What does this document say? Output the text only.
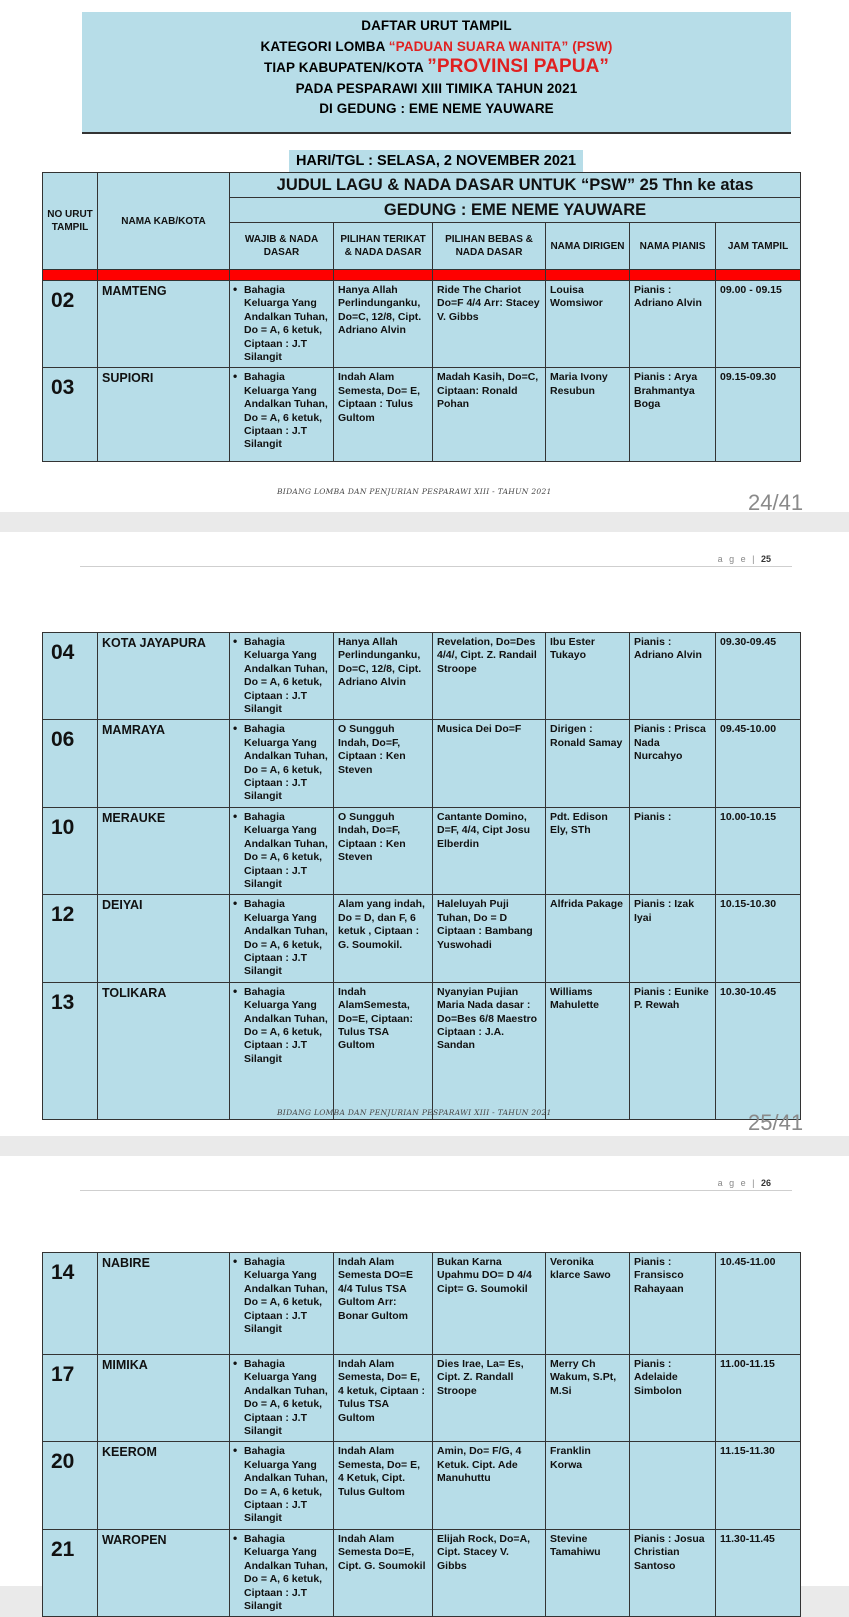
DAFTAR URUT TAMPIL
KATEGORI LOMBA “PADUAN SUARA WANITA” (PSW)
TIAP KABUPATEN/KOTA ”PROVINSI PAPUA”
PADA PESPARAWI XIII TIMIKA TAHUN 2021
DI GEDUNG : EME NEME YAUWARE
HARI/TGL : SELASA, 2 NOVEMBER 2021
NO URUT TAMPIL	NAMA KAB/KOTA	JUDUL LAGU & NADA DASAR UNTUK “PSW” 25 Thn ke atas					
		GEDUNG : EME NEME YAUWARE					
		WAJIB & NADA DASAR	PILIHAN TERIKAT & NADA DASAR	PILIHAN BEBAS & NADA DASAR	NAMA DIRIGEN	NAMA PIANIS	JAM TAMPIL

02	MAMTENG	• Bahagia Keluarga Yang Andalkan Tuhan, Do = A, 6 ketuk, Ciptaan : J.T Silangit	Hanya Allah Perlindunganku, Do=C, 12/8, Cipt. Adriano Alvin	Ride The Chariot Do=F 4/4 Arr: Stacey V. Gibbs	Louisa Womsiwor	Pianis : Adriano Alvin	09.00 - 09.15
03	SUPIORI	• Bahagia Keluarga Yang Andalkan Tuhan, Do = A, 6 ketuk, Ciptaan : J.T Silangit	Indah Alam Semesta, Do= E, Ciptaan : Tulus Gultom	Madah Kasih, Do=C, Ciptaan: Ronald Pohan	Maria Ivony Resubun	Pianis : Arya Brahmantya Boga	09.15-09.30
BIDANG LOMBA DAN PENJURIAN PESPARAWI XIII - TAHUN 2021	24/41
a g e | 25
04	KOTA JAYAPURA	• Bahagia Keluarga Yang Andalkan Tuhan, Do = A, 6 ketuk, Ciptaan : J.T Silangit	Hanya Allah Perlindunganku, Do=C, 12/8, Cipt. Adriano Alvin	Revelation, Do=Des 4/4/, Cipt. Z. Randail Stroope	Ibu Ester Tukayo	Pianis : Adriano Alvin	09.30-09.45
06	MAMRAYA	• Bahagia Keluarga Yang Andalkan Tuhan, Do = A, 6 ketuk, Ciptaan : J.T Silangit	O Sungguh Indah, Do=F, Ciptaan : Ken Steven	Musica Dei Do=F	Dirigen : Ronald Samay	Pianis : Prisca Nada Nurcahyo	09.45-10.00
10	MERAUKE	• Bahagia Keluarga Yang Andalkan Tuhan, Do = A, 6 ketuk, Ciptaan : J.T Silangit	O Sungguh Indah, Do=F, Ciptaan : Ken Steven	Cantante Domino, D=F, 4/4, Cipt Josu Elberdin	Pdt. Edison Ely, STh	Pianis :	10.00-10.15
12	DEIYAI	• Bahagia Keluarga Yang Andalkan Tuhan, Do = A, 6 ketuk, Ciptaan : J.T Silangit	Alam yang indah, Do = D, dan F, 6 ketuk , Ciptaan : G. Soumokil.	Haleluyah Puji Tuhan, Do = D Ciptaan : Bambang Yuswohadi	Alfrida Pakage	Pianis : Izak Iyai	10.15-10.30
13	TOLIKARA	• Bahagia Keluarga Yang Andalkan Tuhan, Do = A, 6 ketuk, Ciptaan : J.T Silangit	Indah AlamSemesta, Do=E, Ciptaan: Tulus TSA Gultom	Nyanyian Pujian Maria Nada dasar : Do=Bes 6/8 Maestro Ciptaan : J.A. Sandan	Williams Mahulette	Pianis : Eunike P. Rewah	10.30-10.45
BIDANG LOMBA DAN PENJURIAN PESPARAWI XIII - TAHUN 2021	25/41
a g e | 26
14	NABIRE	• Bahagia Keluarga Yang Andalkan Tuhan, Do = A, 6 ketuk, Ciptaan : J.T Silangit	Indah Alam Semesta DO=E 4/4 Tulus TSA Gultom Arr: Bonar Gultom	Bukan Karna Upahmu DO= D 4/4 Cipt= G. Soumokil	Veronika klarce Sawo	Pianis : Fransisco Rahayaan	10.45-11.00
17	MIMIKA	• Bahagia Keluarga Yang Andalkan Tuhan, Do = A, 6 ketuk, Ciptaan : J.T Silangit	Indah Alam Semesta, Do= E, 4 ketuk, Ciptaan : Tulus TSA Gultom	Dies Irae, La= Es, Cipt. Z. Randall Stroope	Merry Ch Wakum, S.Pt, M.Si	Pianis : Adelaide Simbolon	11.00-11.15
20	KEEROM	• Bahagia Keluarga Yang Andalkan Tuhan, Do = A, 6 ketuk, Ciptaan : J.T Silangit	Indah Alam Semesta, Do= E, 4 Ketuk, Cipt. Tulus Gultom	Amin, Do= F/G, 4 Ketuk. Cipt. Ade Manuhuttu	Franklin Korwa		11.15-11.30
21	WAROPEN	• Bahagia Keluarga Yang Andalkan Tuhan, Do = A, 6 ketuk, Ciptaan : J.T Silangit	Indah Alam Semesta Do=E, Cipt. G. Soumokil	Elijah Rock, Do=A, Cipt. Stacey V. Gibbs	Stevine Tamahiwu	Pianis : Josua Christian Santoso	11.30-11.45
